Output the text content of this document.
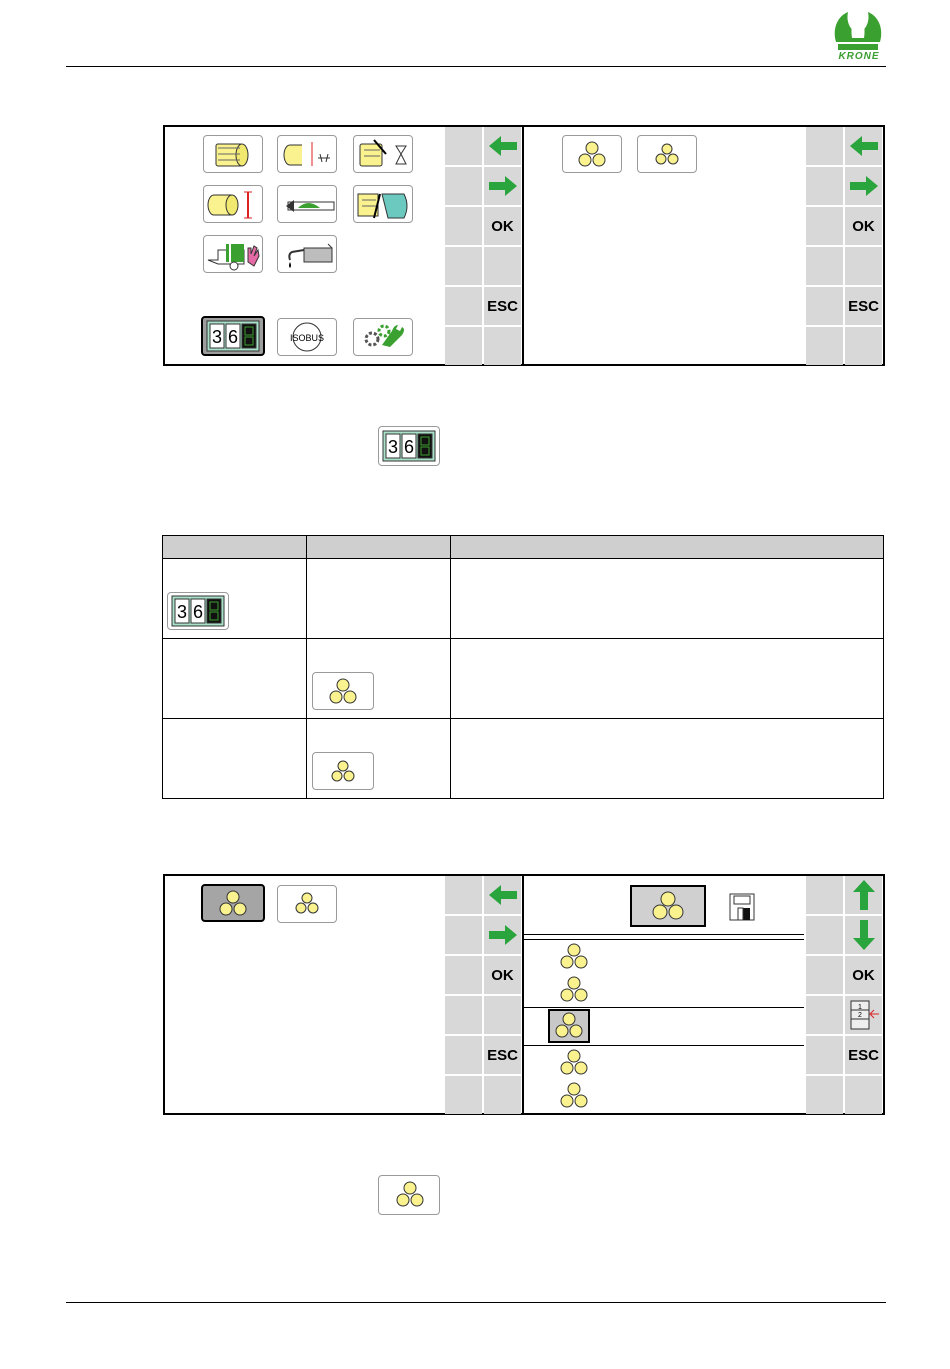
KRONE
3 6	ISOBUS
OK
ESC
OK
ESC
3 6

3 6		

OK
ESC
OK
1
2
ESC
